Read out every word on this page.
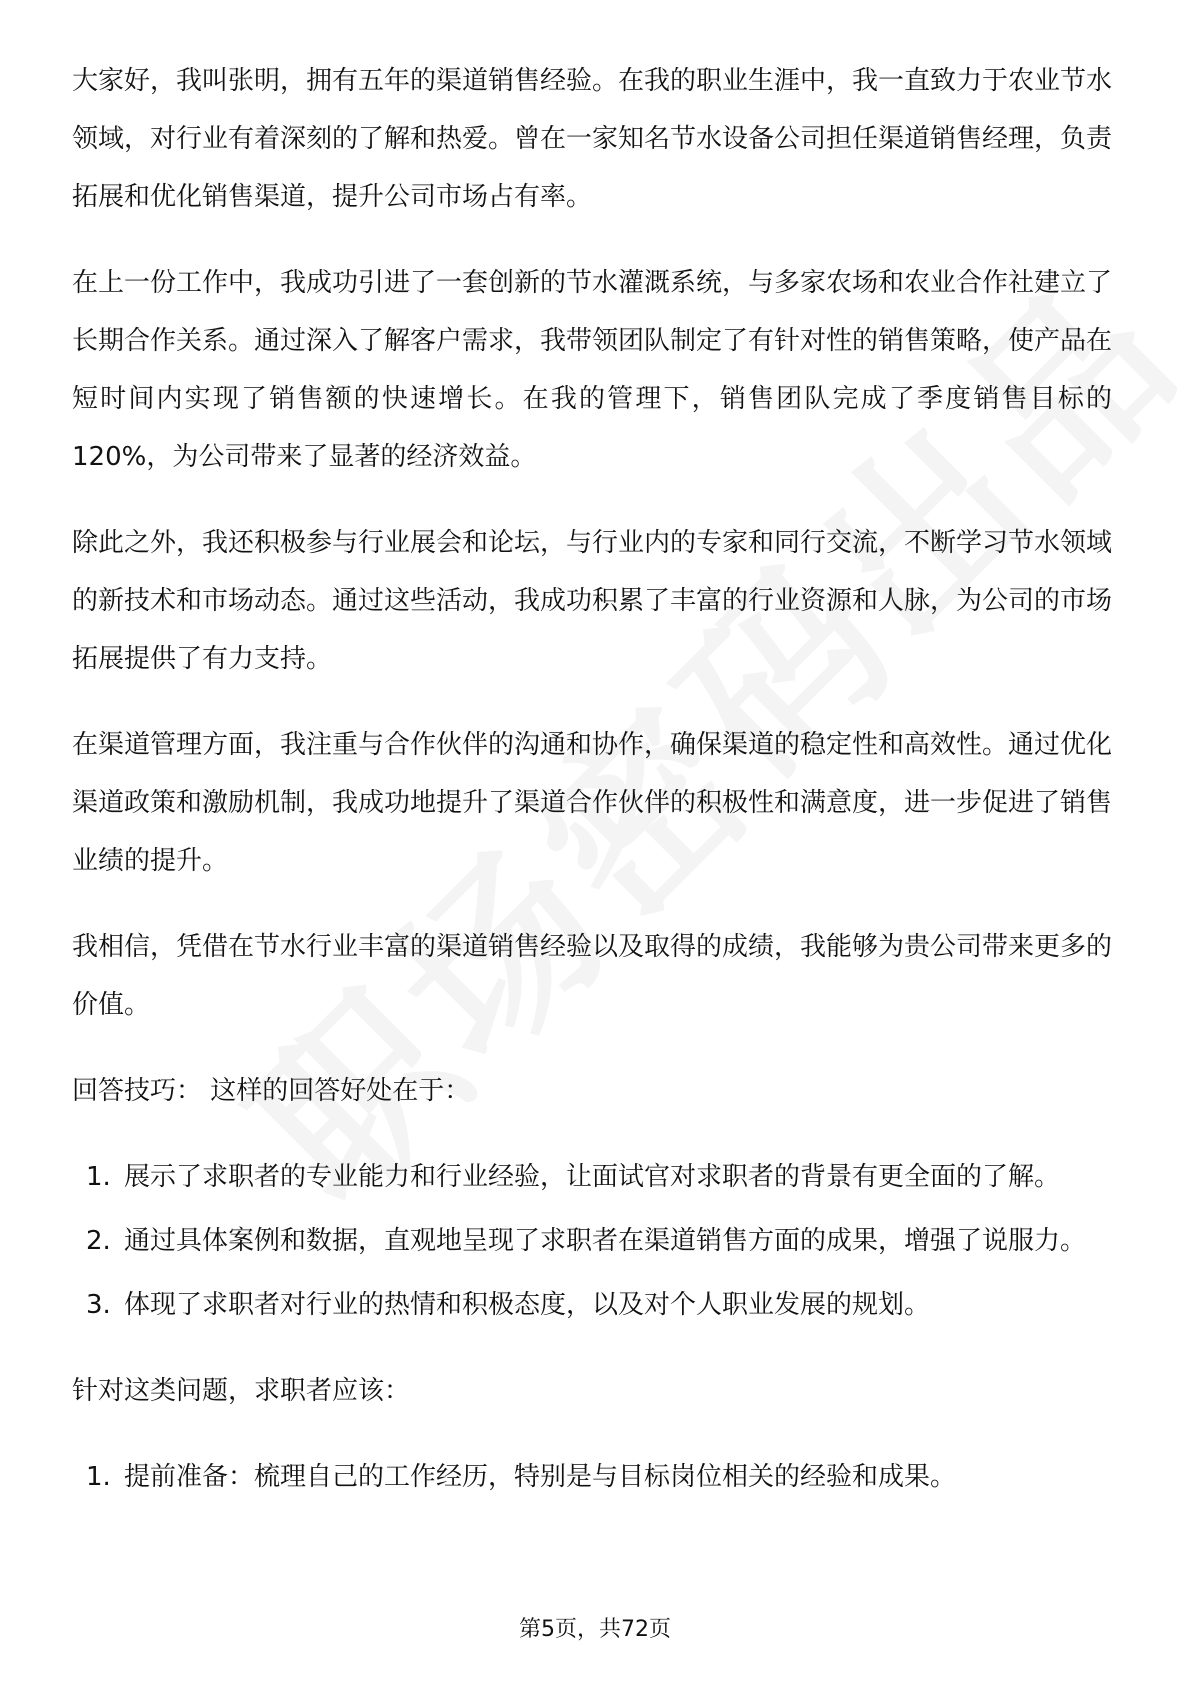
大家好，我叫张明，拥有五年的渠道销售经验。在我的职业生涯中，我一直致力于农业节水领域，对行业有着深刻的了解和热爱。曾在一家知名节水设备公司担任渠道销售经理，负责拓展和优化销售渠道，提升公司市场占有率。

在上一份工作中，我成功引进了一套创新的节水灌溉系统，与多家农场和农业合作社建立了长期合作关系。通过深入了解客户需求，我带领团队制定了有针对性的销售策略，使产品在短时间内实现了销售额的快速增长。在我的管理下，销售团队完成了季度销售目标的120%，为公司带来了显著的经济效益。

除此之外，我还积极参与行业展会和论坛，与行业内的专家和同行交流，不断学习节水领域的新技术和市场动态。通过这些活动，我成功积累了丰富的行业资源和人脉，为公司的市场拓展提供了有力支持。

在渠道管理方面，我注重与合作伙伴的沟通和协作，确保渠道的稳定性和高效性。通过优化渠道政策和激励机制，我成功地提升了渠道合作伙伴的积极性和满意度，进一步促进了销售业绩的提升。

我相信，凭借在节水行业丰富的渠道销售经验以及取得的成绩，我能够为贵公司带来更多的价值。

回答技巧： 这样的回答好处在于：

1. 展示了求职者的专业能力和行业经验，让面试官对求职者的背景有更全面的了解。
2. 通过具体案例和数据，直观地呈现了求职者在渠道销售方面的成果，增强了说服力。
3. 体现了求职者对行业的热情和积极态度，以及对个人职业发展的规划。

针对这类问题，求职者应该：

1. 提前准备：梳理自己的工作经历，特别是与目标岗位相关的经验和成果。
第5页，共72页
